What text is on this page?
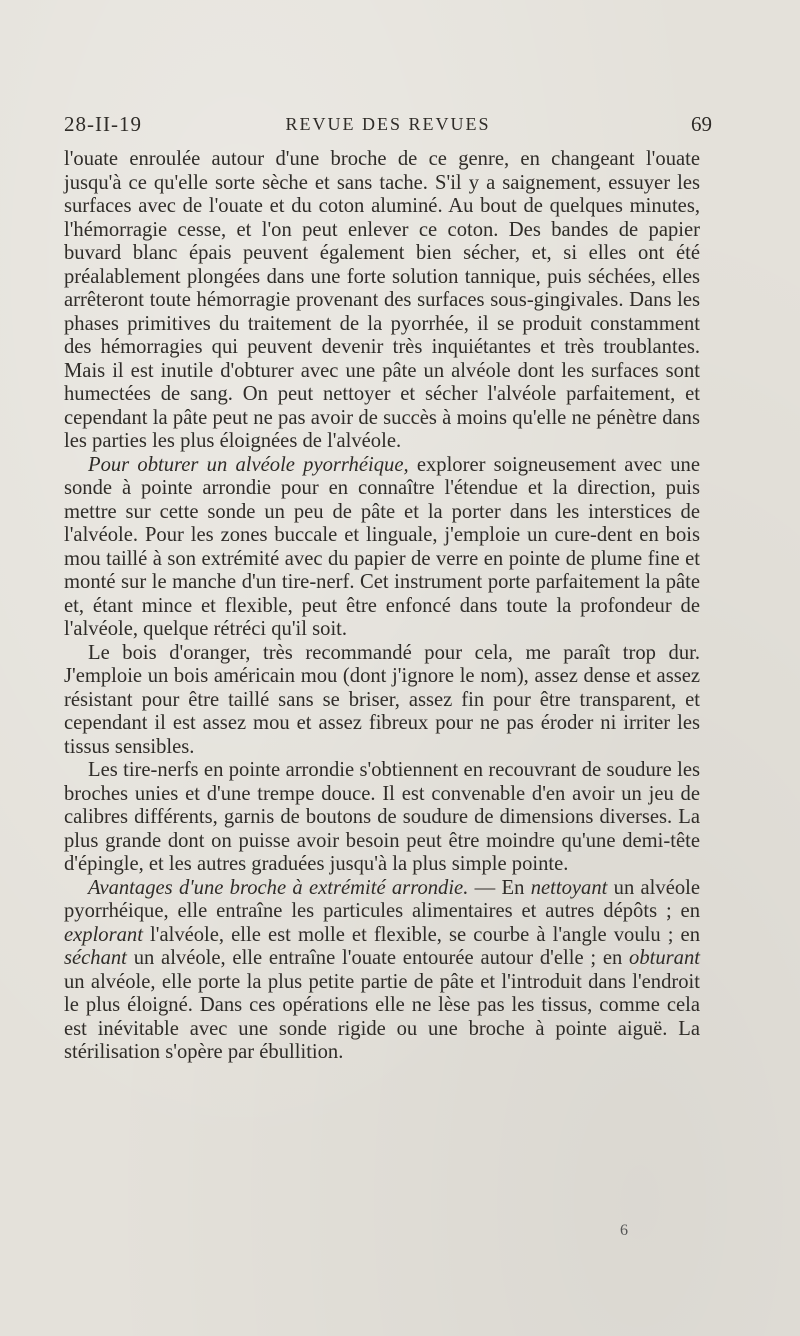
28-II-19	REVUE DES REVUES	69

l'ouate enroulée autour d'une broche de ce genre, en changeant l'ouate jusqu'à ce qu'elle sorte sèche et sans tache. S'il y a saignement, essuyer les surfaces avec de l'ouate et du coton aluminé. Au bout de quelques minutes, l'hémorragie cesse, et l'on peut enlever ce coton. Des bandes de papier buvard blanc épais peuvent également bien sécher, et, si elles ont été préalablement plongées dans une forte solution tannique, puis séchées, elles arrêteront toute hémorragie provenant des surfaces sous-gingivales. Dans les phases primitives du traitement de la pyorrhée, il se produit constamment des hémorragies qui peuvent devenir très inquiétantes et très troublantes. Mais il est inutile d'obturer avec une pâte un alvéole dont les surfaces sont humectées de sang. On peut nettoyer et sécher l'alvéole parfaitement, et cependant la pâte peut ne pas avoir de succès à moins qu'elle ne pénètre dans les parties les plus éloignées de l'alvéole.

Pour obturer un alvéole pyorrhéique, explorer soigneusement avec une sonde à pointe arrondie pour en connaître l'étendue et la direction, puis mettre sur cette sonde un peu de pâte et la porter dans les interstices de l'alvéole. Pour les zones buccale et linguale, j'emploie un cure-dent en bois mou taillé à son extrémité avec du papier de verre en pointe de plume fine et monté sur le manche d'un tire-nerf. Cet instrument porte parfaitement la pâte et, étant mince et flexible, peut être enfoncé dans toute la profondeur de l'alvéole, quelque rétréci qu'il soit.

Le bois d'oranger, très recommandé pour cela, me paraît trop dur. J'emploie un bois américain mou (dont j'ignore le nom), assez dense et assez résistant pour être taillé sans se briser, assez fin pour être transparent, et cependant il est assez mou et assez fibreux pour ne pas éroder ni irriter les tissus sensibles.

Les tire-nerfs en pointe arrondie s'obtiennent en recouvrant de soudure les broches unies et d'une trempe douce. Il est convenable d'en avoir un jeu de calibres différents, garnis de boutons de soudure de dimensions diverses. La plus grande dont on puisse avoir besoin peut être moindre qu'une demi-tête d'épingle, et les autres graduées jusqu'à la plus simple pointe.

Avantages d'une broche à extrémité arrondie. — En nettoyant un alvéole pyorrhéique, elle entraîne les particules alimentaires et autres dépôts ; en explorant l'alvéole, elle est molle et flexible, se courbe à l'angle voulu ; en séchant un alvéole, elle entraîne l'ouate entourée autour d'elle ; en obturant un alvéole, elle porte la plus petite partie de pâte et l'introduit dans l'endroit le plus éloigné. Dans ces opérations elle ne lèse pas les tissus, comme cela est inévitable avec une sonde rigide ou une broche à pointe aiguë. La stérilisation s'opère par ébullition.

6
